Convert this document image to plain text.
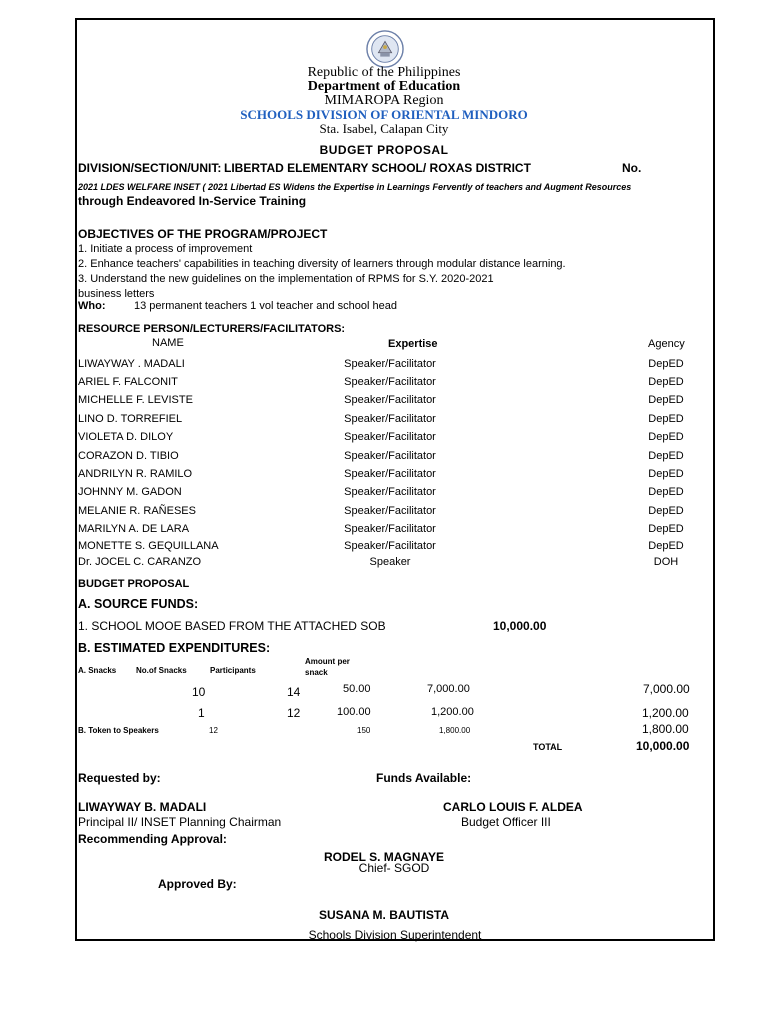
Republic of the Philippines
Department of Education
MIMAROPA Region
SCHOOLS DIVISION OF ORIENTAL MINDORO
Sta. Isabel, Calapan City
BUDGET PROPOSAL
DIVISION/SECTION/UNIT: LIBERTAD ELEMENTARY SCHOOL/ ROXAS DISTRICT	No.
2021 LDES WELFARE INSET ( 2021 Libertad ES Widens the Expertise in Learnings Fervently of teachers and Augment Resources
through Endeavored In-Service Training
OBJECTIVES OF THE PROGRAM/PROJECT
1. Initiate a process of improvement
2. Enhance teachers' capabilities in teaching diversity of learners through modular distance learning.
3. Understand the new guidelines on the implementation of RPMS for S.Y. 2020-2021
business letters
Who:	13 permanent teachers 1 vol teacher and school head
RESOURCE PERSON/LECTURERS/FACILITATORS:
NAME	Expertise	Agency
LIWAYWAY . MADALI	Speaker/Facilitator	DepED
ARIEL F. FALCONIT	Speaker/Facilitator	DepED
MICHELLE F. LEVISTE	Speaker/Facilitator	DepED
LINO D. TORREFIEL	Speaker/Facilitator	DepED
VIOLETA D. DILOY	Speaker/Facilitator	DepED
CORAZON D. TIBIO	Speaker/Facilitator	DepED
ANDRILYN R. RAMILO	Speaker/Facilitator	DepED
JOHNNY M. GADON	Speaker/Facilitator	DepED
MELANIE R. RAÑESES	Speaker/Facilitator	DepED
MARILYN A. DE LARA	Speaker/Facilitator	DepED
MONETTE S. GEQUILLANA	Speaker/Facilitator	DepED
Dr. JOCEL C. CARANZO	Speaker	DOH
BUDGET PROPOSAL
A. SOURCE FUNDS:
1. SCHOOL MOOE BASED FROM THE ATTACHED SOB	10,000.00
B. ESTIMATED EXPENDITURES:
A. Snacks No.of Snacks	Participants
Amount per
snack
10	14	50.00	7,000.00	7,000.00
1	12	100.00	1,200.00	1,200.00
B. Token to Speakers	12	150	1,800.00	1,800.00
TOTAL	10,000.00
Requested by:	Funds Available:
LIWAYWAY B. MADALI	CARLO LOUIS F. ALDEA
Principal II/ INSET Planning Chairman	Budget Officer III
Recommending Approval:
RODEL S. MAGNAYE
Chief- SGOD
Approved By:
SUSANA M. BAUTISTA
Schools Division Superintendent
